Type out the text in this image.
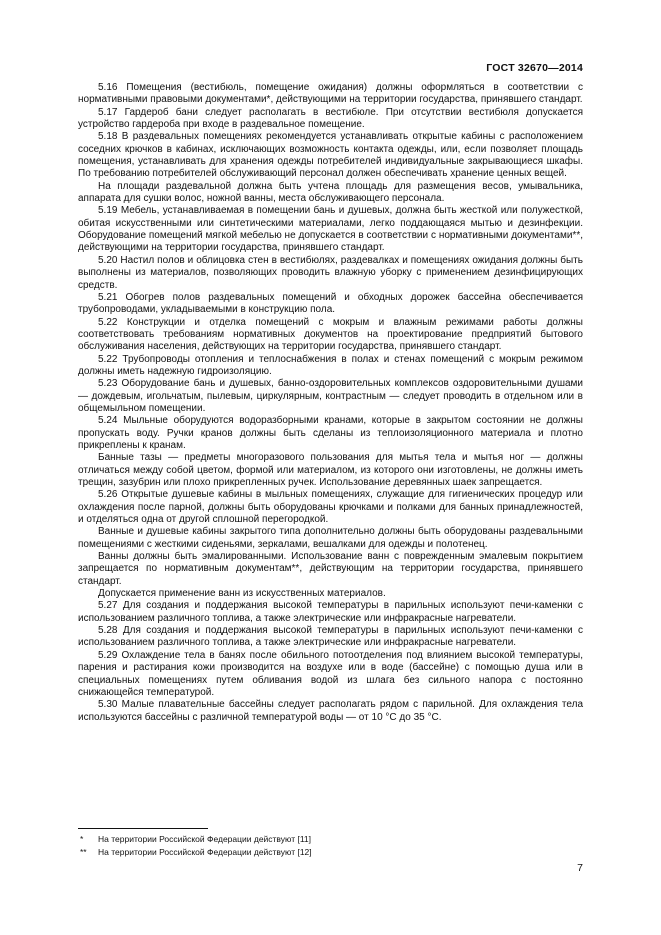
ГОСТ 32670—2014

5.16 Помещения (вестибюль, помещение ожидания) должны оформляться в соответствии с нормативными правовыми документами*, действующими на территории государства, принявшего стандарт.

5.17 Гардероб бани следует располагать в вестибюле. При отсутствии вестибюля допускается устройство гардероба при входе в раздевальное помещение.

5.18 В раздевальных помещениях рекомендуется устанавливать открытые кабины с расположением соседних крючков в кабинах, исключающих возможность контакта одежды, или, если позволяет площадь помещения, устанавливать для хранения одежды потребителей индивидуальные закрывающиеся шкафы. По требованию потребителей обслуживающий персонал должен обеспечивать хранение ценных вещей.

На площади раздевальной должна быть учтена площадь для размещения весов, умывальника, аппарата для сушки волос, ножной ванны, места обслуживающего персонала.

5.19 Мебель, устанавливаемая в помещении бань и душевых, должна быть жесткой или полужесткой, обитая искусственными или синтетическими материалами, легко поддающаяся мытью и дезинфекции. Оборудование помещений мягкой мебелью не допускается в соответствии с нормативными документами**, действующими на территории государства, принявшего стандарт.

5.20 Настил полов и облицовка стен в вестибюлях, раздевалках и помещениях ожидания должны быть выполнены из материалов, позволяющих проводить влажную уборку с применением дезинфицирующих средств.

5.21 Обогрев полов раздевальных помещений и обходных дорожек бассейна обеспечивается трубопроводами, укладываемыми в конструкцию пола.

5.22 Конструкции и отделка помещений с мокрым и влажным режимами работы должны соответствовать требованиям нормативных документов на проектирование предприятий бытового обслуживания населения, действующих на территории государства, принявшего стандарт.

5.22 Трубопроводы отопления и теплоснабжения в полах и стенах помещений с мокрым режимом должны иметь надежную гидроизоляцию.

5.23 Оборудование бань и душевых, банно-оздоровительных комплексов оздоровительными душами — дождевым, игольчатым, пылевым, циркулярным, контрастным — следует проводить в отдельном или в общемыльном помещении.

5.24 Мыльные оборудуются водоразборными кранами, которые в закрытом состоянии не должны пропускать воду. Ручки кранов должны быть сделаны из теплоизоляционного материала и плотно прикреплены к кранам.

Банные тазы — предметы многоразового пользования для мытья тела и мытья ног — должны отличаться между собой цветом, формой или материалом, из которого они изготовлены, не должны иметь трещин, зазубрин или плохо прикрепленных ручек. Использование деревянных шаек запрещается.

5.26 Открытые душевые кабины в мыльных помещениях, служащие для гигиенических процедур или охлаждения после парной, должны быть оборудованы крючками и полками для банных принадлежностей, и отделяться одна от другой сплошной перегородкой.

Ванные и душевые кабины закрытого типа дополнительно должны быть оборудованы раздевальными помещениями с жесткими сиденьями, зеркалами, вешалками для одежды и полотенец.

Ванны должны быть эмалированными. Использование ванн с поврежденным эмалевым покрытием запрещается по нормативным документам**, действующим на территории государства, принявшего стандарт.

Допускается применение ванн из искусственных материалов.

5.27 Для создания и поддержания высокой температуры в парильных используют печи-каменки с использованием различного топлива, а также электрические или инфракрасные нагреватели.

5.28 Для создания и поддержания высокой температуры в парильных используют печи-каменки с использованием различного топлива, а также электрические или инфракрасные нагреватели.

5.29 Охлаждение тела в банях после обильного потоотделения под влиянием высокой температуры, парения и растирания кожи производится на воздухе или в воде (бассейне) с помощью душа или в специальных помещениях путем обливания водой из шлага без сильного напора с постоянно снижающейся температурой.

5.30 Малые плавательные бассейны следует располагать рядом с парильной. Для охлаждения тела используются бассейны с различной температурой воды — от 10 °С до 35 °С.

* На территории Российской Федерации действуют [11]
** На территории Российской Федерации действуют [12]
7
